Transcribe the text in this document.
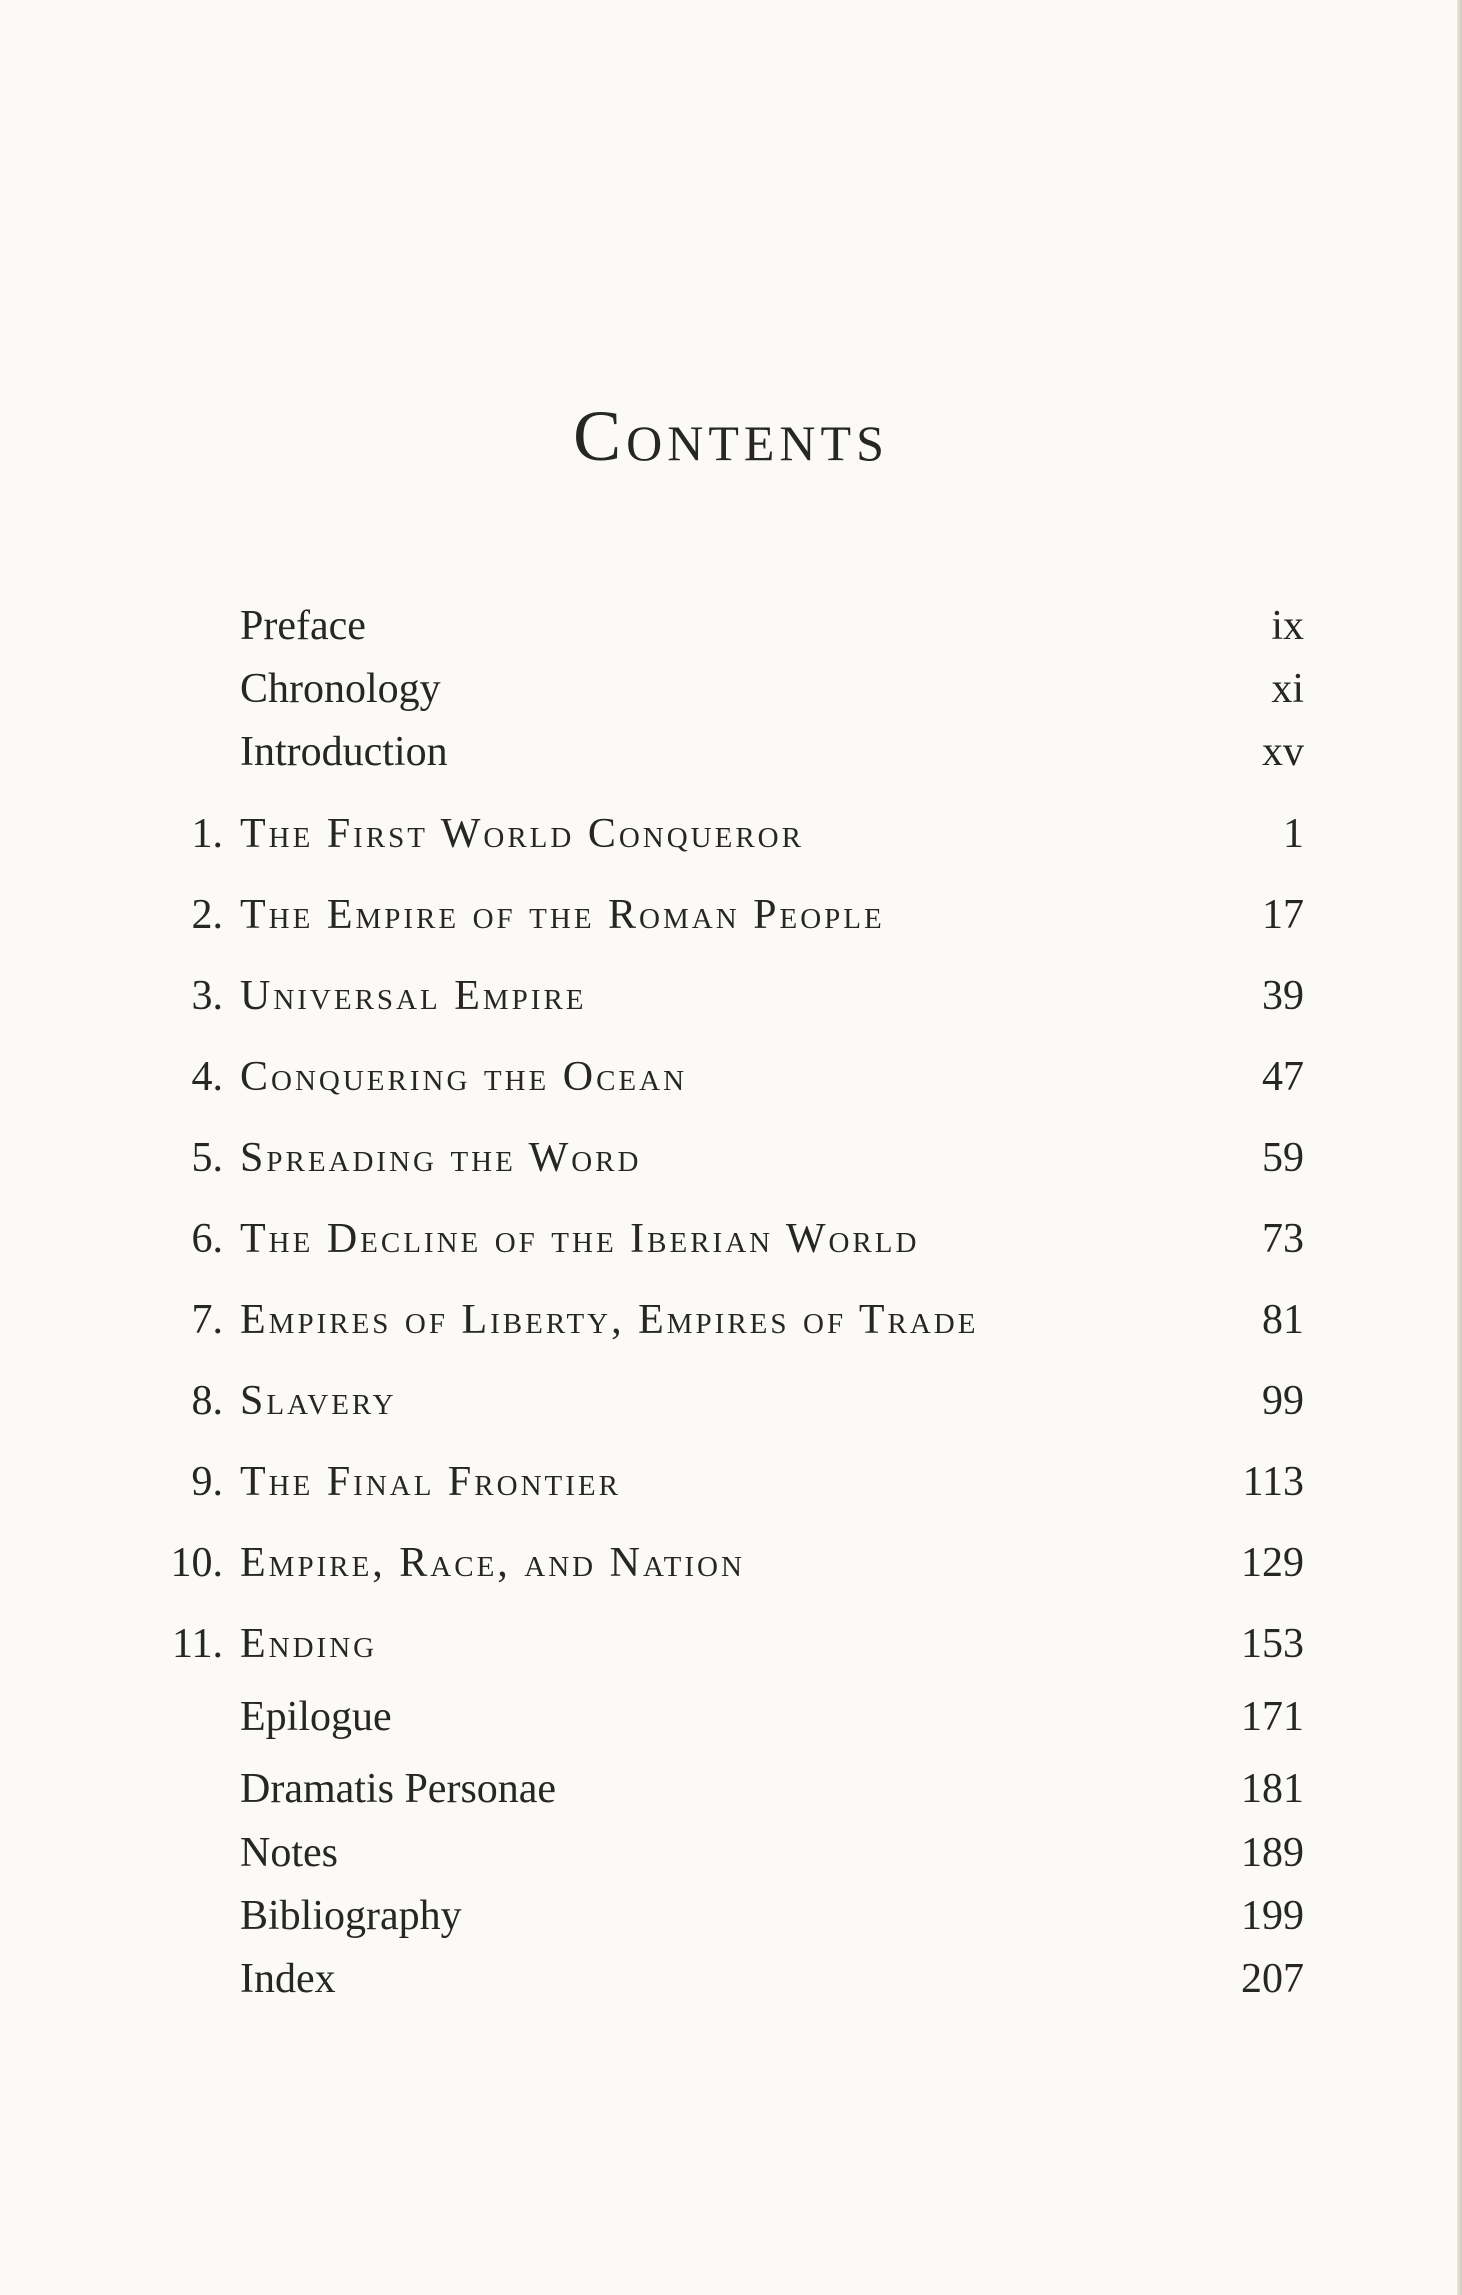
Contents
Preface	ix
Chronology	xi
Introduction	xv
1. The First World Conqueror	1
2. The Empire of the Roman People	17
3. Universal Empire	39
4. Conquering the Ocean	47
5. Spreading the Word	59
6. The Decline of the Iberian World	73
7. Empires of Liberty, Empires of Trade	81
8. Slavery	99
9. The Final Frontier	113
10. Empire, Race, and Nation	129
11. Ending	153
Epilogue	171
Dramatis Personae	181
Notes	189
Bibliography	199
Index	207
